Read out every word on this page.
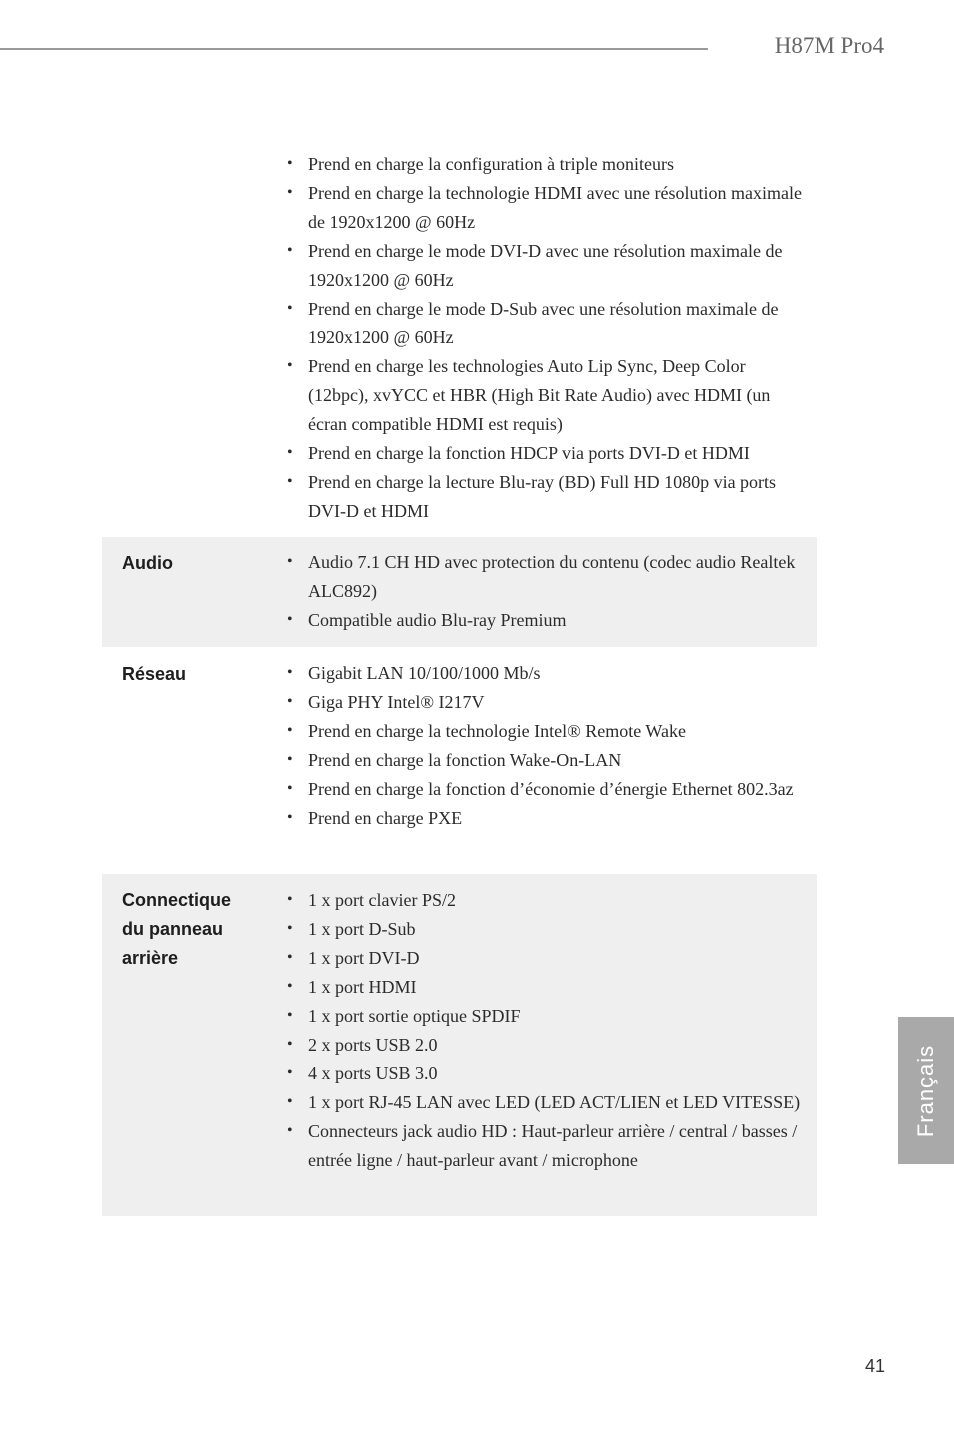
H87M Pro4
• Prend en charge la configuration à triple moniteurs
• Prend en charge la technologie HDMI avec une résolution maximale de 1920x1200 @ 60Hz
• Prend en charge le mode DVI-D avec une résolution maximale de 1920x1200 @ 60Hz
• Prend en charge le mode D-Sub avec une résolution maximale de 1920x1200 @ 60Hz
• Prend en charge les technologies Auto Lip Sync, Deep Color (12bpc), xvYCC et HBR (High Bit Rate Audio) avec HDMI (un écran compatible HDMI est requis)
• Prend en charge la fonction HDCP via ports DVI-D et HDMI
• Prend en charge la lecture Blu-ray (BD) Full HD 1080p via ports DVI-D et HDMI
Audio	• Audio 7.1 CH HD avec protection du contenu (codec audio Realtek ALC892)
• Compatible audio Blu-ray Premium
Réseau	• Gigabit LAN 10/100/1000 Mb/s
• Giga PHY Intel® I217V
• Prend en charge la technologie Intel® Remote Wake
• Prend en charge la fonction Wake-On-LAN
• Prend en charge la fonction d’économie d’énergie Ethernet 802.3az
• Prend en charge PXE
Connectique
du panneau
arrière
• 1 x port clavier PS/2
• 1 x port D-Sub
• 1 x port DVI-D
• 1 x port HDMI
• 1 x port sortie optique SPDIF
• 2 x ports USB 2.0
• 4 x ports USB 3.0
• 1 x port RJ-45 LAN avec LED (LED ACT/LIEN et LED VITESSE)
• Connecteurs jack audio HD : Haut-parleur arrière / central / basses / entrée ligne / haut-parleur avant / microphone
Français
41
